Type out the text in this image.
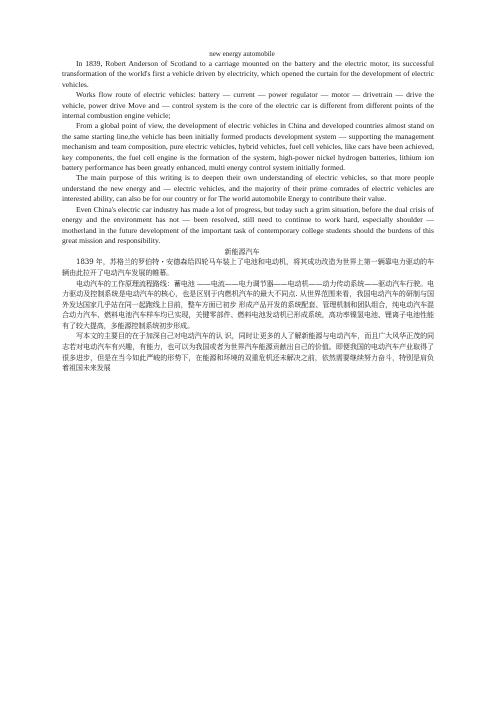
new energy automobile

In 1839, Robert Anderson of Scotland to a carriage mounted on the battery and the electric motor, its successful transformation of the world's first a vehicle driven by electricity, which opened the curtain for the development of electric vehicles.

Works flow route of electric vehicles: battery — current — power regulator — motor — drivetrain — drive the vehicle, power drive Move and — control system is the core of the electric car is different from different points of the internal combustion engine vehicle;

From a global point of view, the development of electric vehicles in China and developed countries almost stand on the same starting line,the vehicle has been initially formed products development system — supporting the management mechanism and team composition, pure electric vehicles, hybrid vehicles, fuel cell vehicles, like cars have been achieved, key components, the fuel cell engine is the formation of the system, high-power nickel hydrogen batteries, lithium ion battery performance has been greatly enhanced, multi energy control system initially formed.

The main purpose of this writing is to deepen their own understanding of electric vehicles, so that more people understand the new energy and — electric vehicles, and the majority of their prime comrades of electric vehicles are interested ability, can also be for our country or for The world automobile Energy to contribute their value.

Even China's electric car industry has made a lot of progress, but today such a grim situation, before the dual crisis of energy and the environment has not — been resolved, still need to continue to work hard, especially shoulder — motherland in the future development of the important task of contemporary college students should the burdens of this great mission and responsibility.

新能源汽车

1839 年，苏格兰的罗伯特・安德森给四轮马车装上了电池和电动机，将其成功改造为世界上第一辆靠电力驱动的车辆由此拉开了电动汽车发展的帷幕。

电动汽车的工作原理流程路线：蓄电池 ——电流——电力调节器——电动机——动力传动系统——驱动汽车行驶。电力驱动及控制系统是电动汽车的核心，也是区别于内燃机汽车的最大不同点. 从世界范围来看，我国电动汽车的研制与国外发达国家几乎站在同一起跑线上目前，整车方面已初步 形成产品开发的系统配套、管理机制和团队组合，纯电动汽车混合动力汽车、燃料电池汽车样车均已实现，关键零部件、燃料电池发动机已形成系统，高功率镍氢电池、锂离子电池性能有了较大提高，多能源控制系统初步形成。

写本文的主要目的在于加深自己对电动汽车的认 识，同时让更多的人了解新能源与电动汽车，而且广大风华正茂的同志若对电动汽车有兴趣，有能力，也可以为我国或者为世界汽车能源贡献出自己的价值。即便我国的电动汽车产业取得了很多进步，但是在当今如此严峻的形势下，在能源和环境的双重危机还未解决之前，依然需要继续努力奋斗，特别是肩负着祖国未来发展
